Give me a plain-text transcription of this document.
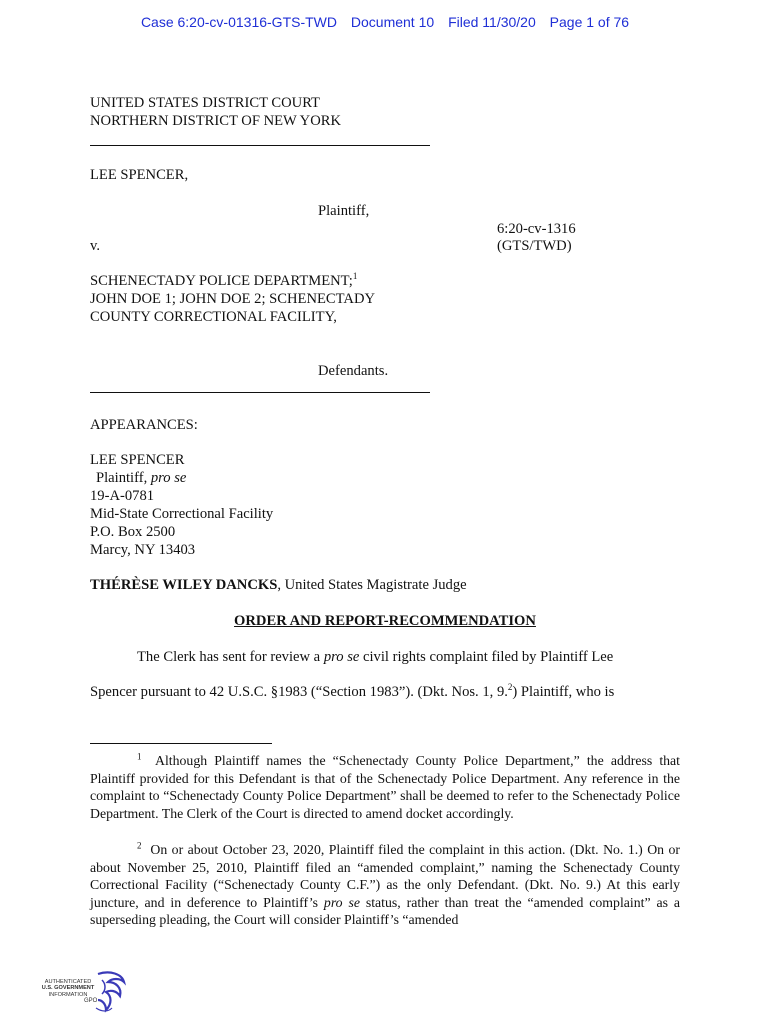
Case 6:20-cv-01316-GTS-TWD Document 10 Filed 11/30/20 Page 1 of 76
UNITED STATES DISTRICT COURT
NORTHERN DISTRICT OF NEW YORK
LEE SPENCER,
Plaintiff,
6:20-cv-1316
(GTS/TWD)
v.
SCHENECTADY POLICE DEPARTMENT;$^1$
JOHN DOE 1; JOHN DOE 2; SCHENECTADY
COUNTY CORRECTIONAL FACILITY,
Defendants.
APPEARANCES:
LEE SPENCER
Plaintiff, pro se
19-A-0781
Mid-State Correctional Facility
P.O. Box 2500
Marcy, NY 13403
THÉRÈSE WILEY DANCKS, United States Magistrate Judge
ORDER AND REPORT-RECOMMENDATION
The Clerk has sent for review a pro se civil rights complaint filed by Plaintiff Lee
Spencer pursuant to 42 U.S.C. §1983 (“Section 1983”). (Dkt. Nos. 1, 9.$^2$) Plaintiff, who is

$^1$ Although Plaintiff names the “Schenectady County Police Department,” the address that Plaintiff provided for this Defendant is that of the Schenectady Police Department. Any reference in the complaint to “Schenectady County Police Department” shall be deemed to refer to the Schenectady Police Department. The Clerk of the Court is directed to amend docket accordingly.

$^2$ On or about October 23, 2020, Plaintiff filed the complaint in this action. (Dkt. No. 1.) On or about November 25, 2010, Plaintiff filed an “amended complaint,” naming the Schenectady County Correctional Facility (“Schenectady County C.F.”) as the only Defendant. (Dkt. No. 9.) At this early juncture, and in deference to Plaintiff’s pro se status, rather than treat the “amended complaint” as a superseding pleading, the Court will consider Plaintiff’s “amended

AUTHENTICATED
U.S. GOVERNMENT
INFORMATION
GPO
